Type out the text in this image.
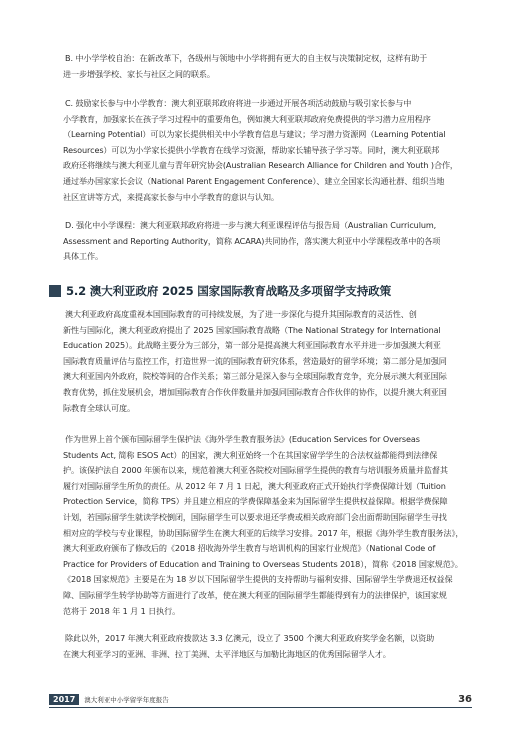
B. 中小学学校自治：在新改革下，各级州与领地中小学将拥有更大的自主权与决策制定权，这样有助于
进一步增强学校、家长与社区之间的联系。
C. 鼓励家长参与中小学教育：澳大利亚联邦政府将进一步通过开展各项活动鼓励与吸引家长参与中
小学教育，加强家长在孩子学习过程中的重要角色，例如澳大利亚联邦政府免费提供的学习潜力应用程序
（Learning Potential）可以为家长提供相关中小学教育信息与建议；学习潜力资源网（Learning Potential
Resources）可以为小学家长提供小学教育在线学习资源，帮助家长辅导孩子学习等。同时，澳大利亚联邦
政府还将继续与澳大利亚儿童与青年研究协会(Australian Research Alliance for Children and Youth )合作，
通过举办国家家长会议（National Parent Engagement Conference）、建立全国家长沟通社群、组织当地
社区宣讲等方式，来提高家长参与中小学教育的意识与认知。
D. 强化中小学课程：澳大利亚联邦政府将进一步与澳大利亚课程评估与报告局（Australian Curriculum,
Assessment and Reporting Authority，简称 ACARA)共同协作，落实澳大利亚中小学课程改革中的各项
具体工作。
5.2 澳大利亚政府 2025 国家国际教育战略及多项留学支持政策
澳大利亚政府高度重视本国国际教育的可持续发展，为了进一步深化与提升其国际教育的灵活性、创
新性与国际化，澳大利亚政府提出了 2025 国家国际教育战略（The National Strategy for International
Education 2025）。此战略主要分为三部分，第一部分是提高澳大利亚国际教育水平并进一步加强澳大利亚
国际教育质量评估与监控工作，打造世界一流的国际教育研究体系，营造最好的留学环境；第二部分是加强同
澳大利亚国内外政府，院校等间的合作关系；第三部分是深入参与全球国际教育竞争，充分展示澳大利亚国际
教育优势，抓住发展机会，增加国际教育合作伙伴数量并加强同国际教育合作伙伴的协作，以提升澳大利亚国
际教育全球认可度。
作为世界上首个颁布国际留学生保护法《海外学生教育服务法》(Education Services for Overseas
Students Act, 简称 ESOS Act）的国家，澳大利亚始终一个在其国家留学学生的合法权益都能得到法律保
护。该保护法自 2000 年颁布以来，规范着澳大利亚各院校对国际留学生提供的教育与培训服务质量并监督其
履行对国际留学生所负的责任。从 2012 年 7 月 1 日起，澳大利亚政府正式开始执行学费保障计划（Tuition
Protection Service，简称 TPS）并且建立相应的学费保障基金来为国际留学生提供权益保障。根据学费保障
计划，若国际留学生就读学校倒闭，国际留学生可以要求退还学费或相关政府部门会出面帮助国际留学生寻找
相对应的学校与专业课程，协助国际留学生在澳大利亚的后续学习安排。2017 年，根据《海外学生教育服务法》，
澳大利亚政府颁布了修改后的《2018 招收海外学生教育与培训机构的国家行业规范》（National Code of
Practice for Providers of Education and Training to Overseas Students 2018），简称《2018 国家规范》。
《2018 国家规范》主要是在为 18 岁以下国际留学生提供的支持帮助与福利安排、国际留学生学费退还权益保
障、国际留学生转学协助等方面进行了改革，使在澳大利亚的国际留学生都能得到有力的法律保护，该国家规
范将于 2018 年 1 月 1 日执行。
除此以外，2017 年澳大利亚政府拨款达 3.3 亿澳元，设立了 3500 个澳大利亚政府奖学金名额，以资助
在澳大利亚学习的亚洲、非洲、拉丁美洲、太平洋地区与加勒比海地区的优秀国际留学人才。
2017	澳大利亚中小学留学年度报告	36
